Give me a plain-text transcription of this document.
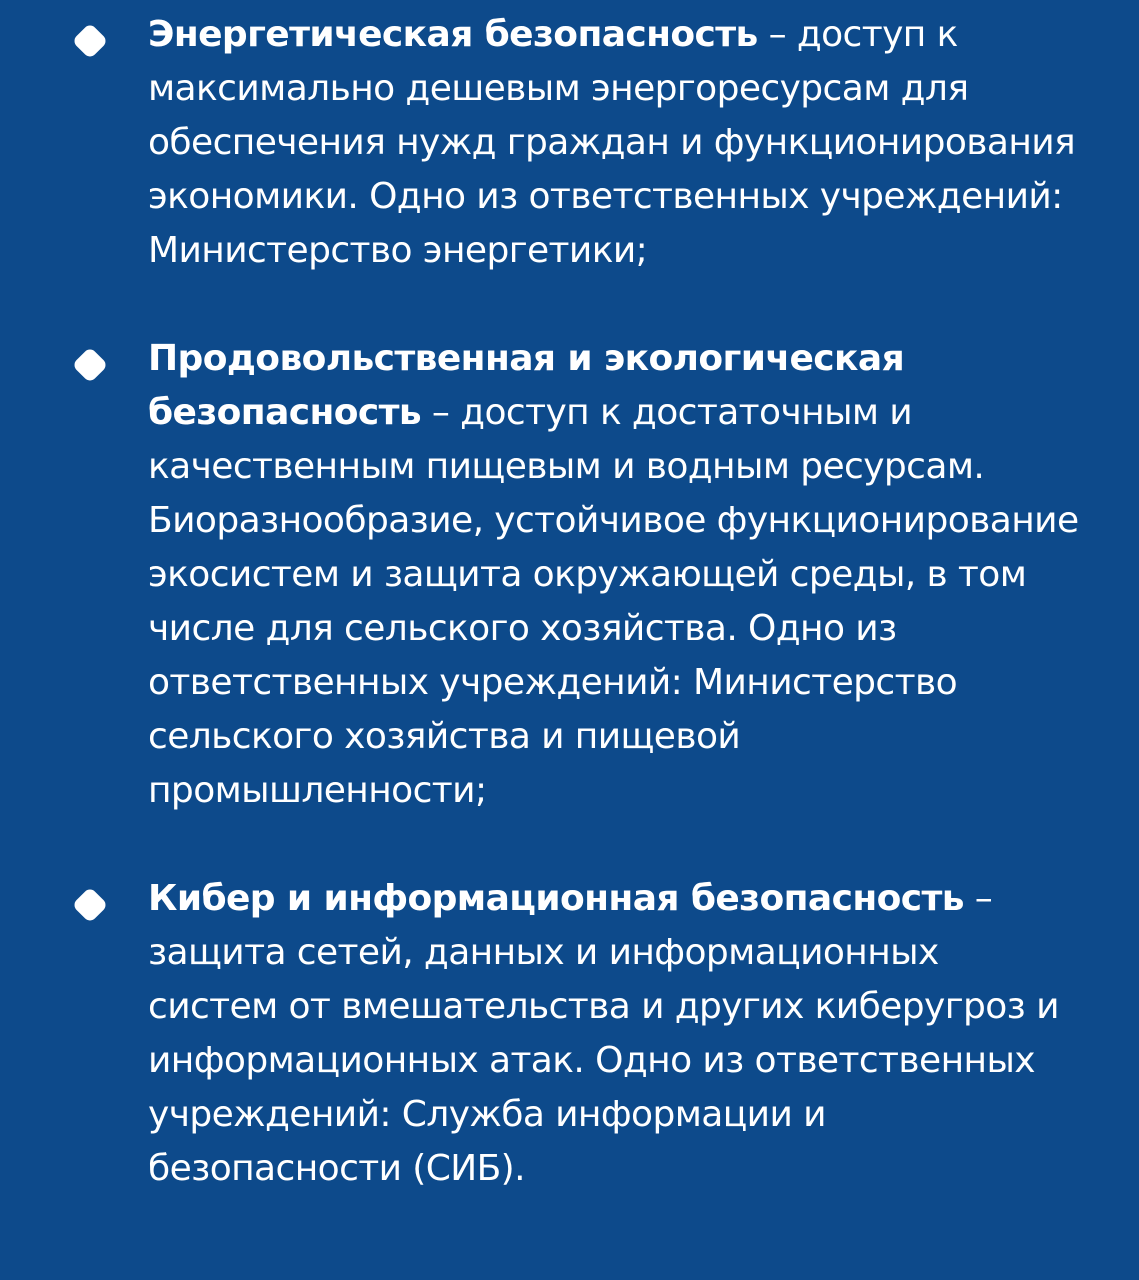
Энергетическая безопасность – доступ к максимально дешевым энергоресурсам для обеспечения нужд граждан и функционирования экономики. Одно из ответственных учреждений: Министерство энергетики;
Продовольственная и экологическая безопасность – доступ к достаточным и качественным пищевым и водным ресурсам. Биоразнообразие, устойчивое функционирование экосистем и защита окружающей среды, в том числе для сельского хозяйства. Одно из ответственных учреждений: Министерство сельского хозяйства и пищевой промышленности;
Кибер и информационная безопасность – защита сетей, данных и информационных систем от вмешательства и других киберугроз и информационных атак. Одно из ответственных учреждений: Служба информации и безопасности (СИБ).
